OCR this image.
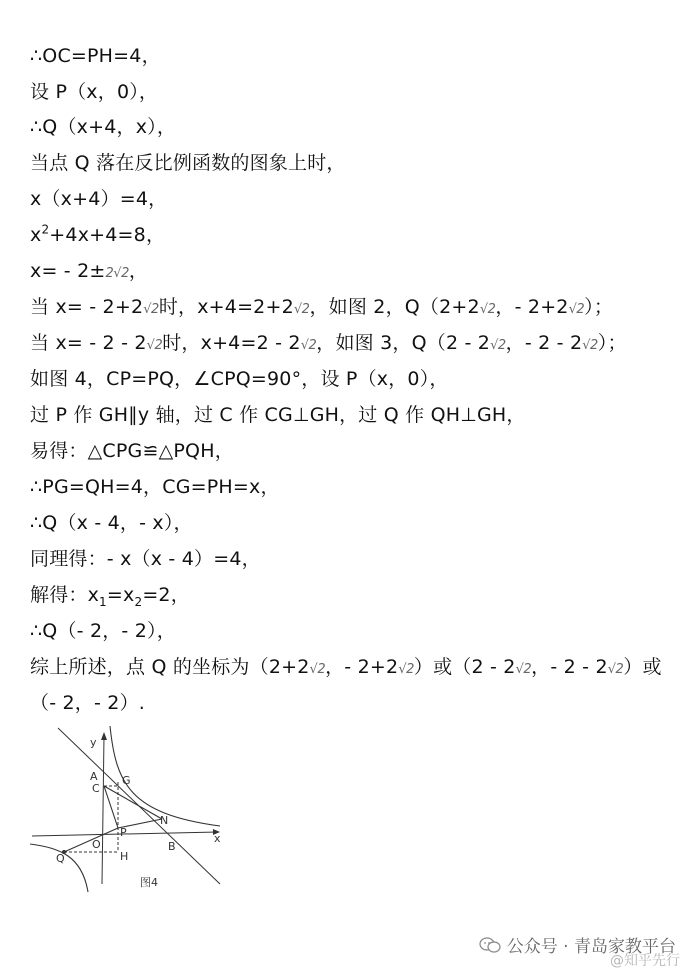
∴OC=PH=4，
设 P（x，0），
∴Q（x+4，x），
当点 Q 落在反比例函数的图象上时，
x（x+4）=4，
$x^2+4x+4=8$，
x= - 2±2√2，
当 x= - 2+2√2时，x+4=2+2√2，如图 2，Q（2+2√2，- 2+2√2）；
当 x= - 2 - 2√2时，x+4=2 - 2√2，如图 3，Q（2 - 2√2，- 2 - 2√2）；
如图 4，CP=PQ，∠CPQ=90°，设 P（x，0），
过 P 作 GH∥y 轴，过 C 作 CG⊥GH，过 Q 作 QH⊥GH，
易得：△CPG≌△PQH，
∴PG=QH=4，CG=PH=x，
∴Q（x - 4，- x），
同理得：- x（x - 4）=4，
解得：$x_1=x_2=2$，
∴Q（- 2，- 2），
综上所述，点 Q 的坐标为（2+2√2，- 2+2√2）或（2 - 2√2，- 2 - 2√2）或
（- 2，- 2）.
y
A
C
G
P
N
O
H
B
x
Q
图4
公众号 · 青岛家教平台
@知乎先行
